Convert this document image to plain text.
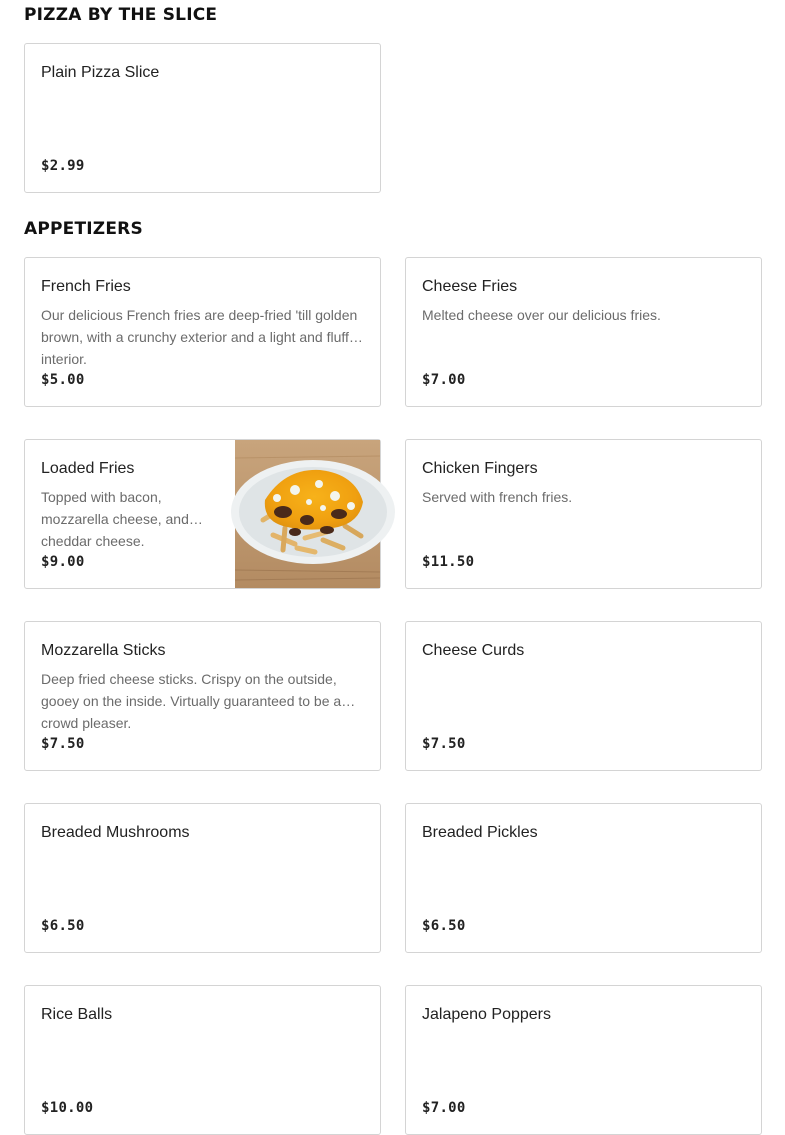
PIZZA BY THE SLICE
Plain Pizza Slice
$2.99
APPETIZERS
French Fries
Our delicious French fries are deep-fried 'till golden brown, with a crunchy exterior and a light and fluffy interior.
$5.00
Cheese Fries
Melted cheese over our delicious fries.
$7.00
Loaded Fries
Topped with bacon, mozzarella cheese, and cheddar cheese.
$9.00
Chicken Fingers
Served with french fries.
$11.50
Mozzarella Sticks
Deep fried cheese sticks. Crispy on the outside, gooey on the inside. Virtually guaranteed to be a crowd pleaser.
$7.50
Cheese Curds
$7.50
Breaded Mushrooms
$6.50
Breaded Pickles
$6.50
Rice Balls
$10.00
Jalapeno Poppers
$7.00
